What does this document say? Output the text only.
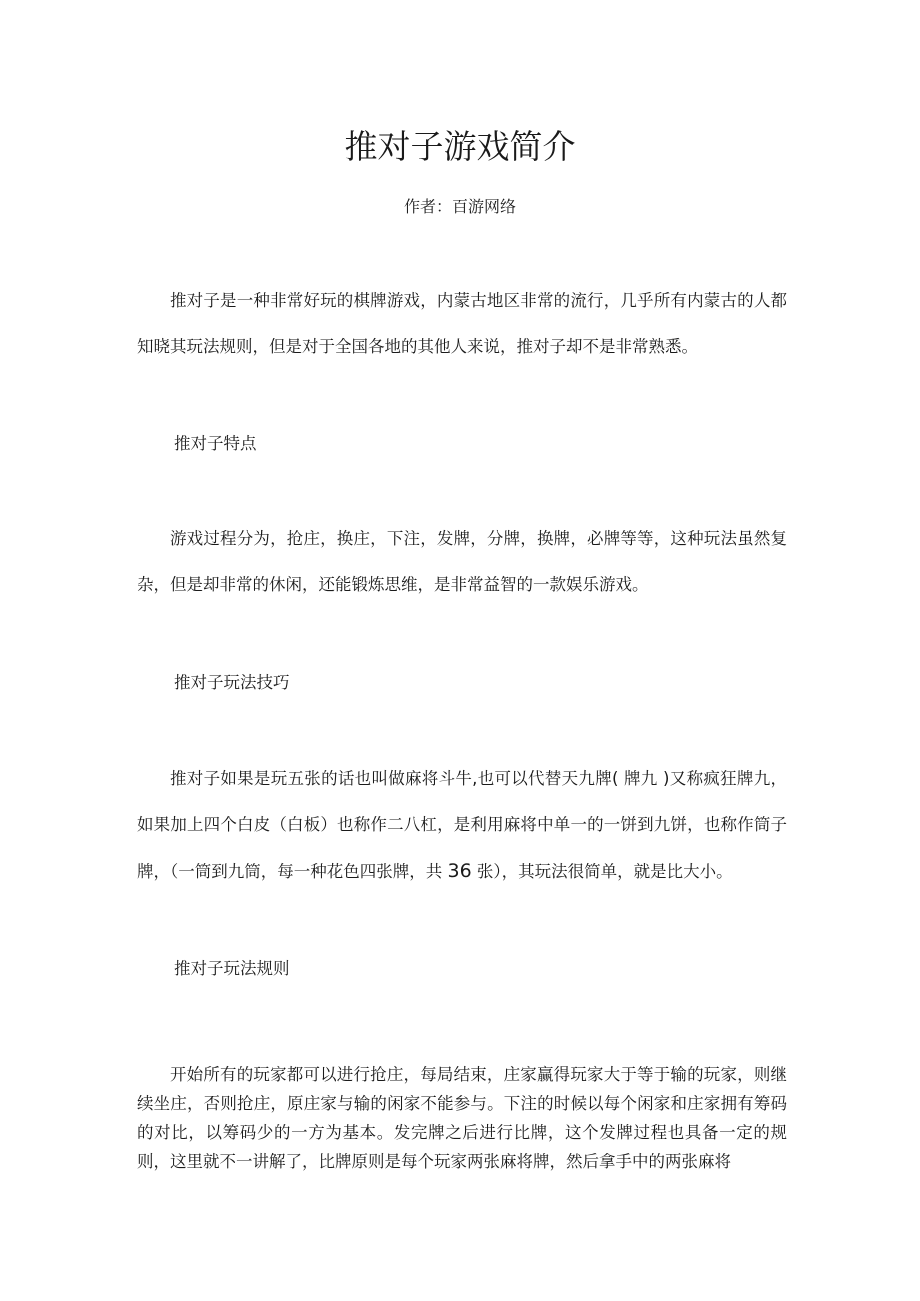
推对子游戏简介
作者：百游网络

推对子是一种非常好玩的棋牌游戏，内蒙古地区非常的流行，几乎所有内蒙古的人都知晓其玩法规则，但是对于全国各地的其他人来说，推对子却不是非常熟悉。

推对子特点

游戏过程分为，抢庄，换庄，下注，发牌，分牌，换牌，必牌等等，这种玩法虽然复杂，但是却非常的休闲，还能锻炼思维，是非常益智的一款娱乐游戏。

推对子玩法技巧

推对子如果是玩五张的话也叫做麻将斗牛,也可以代替天九牌( 牌九 )又称疯狂牌九，如果加上四个白皮（白板）也称作二八杠，是利用麻将中单一的一饼到九饼，也称作筒子牌，（一筒到九筒，每一种花色四张牌，共 36 张），其玩法很简单，就是比大小。

推对子玩法规则

开始所有的玩家都可以进行抢庄，每局结束，庄家赢得玩家大于等于输的玩家，则继续坐庄，否则抢庄，原庄家与输的闲家不能参与。下注的时候以每个闲家和庄家拥有筹码的对比，以筹码少的一方为基本。发完牌之后进行比牌，这个发牌过程也具备一定的规则，这里就不一讲解了，比牌原则是每个玩家两张麻将牌，然后拿手中的两张麻将
